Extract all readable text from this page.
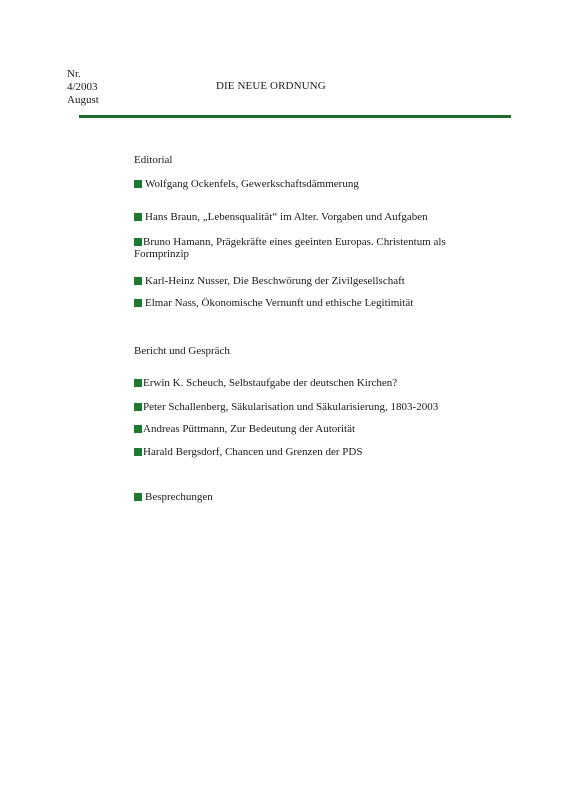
Nr.
4/2003
August
DIE NEUE ORDNUNG
Editorial
Wolfgang Ockenfels, Gewerkschaftsdämmerung
Hans Braun, „Lebensqualität“ im Alter. Vorgaben und Aufgaben
Bruno Hamann, Prägekräfte eines geeinten Europas. Christentum als Formprinzip
Karl-Heinz Nusser, Die Beschwörung der Zivilgesellschaft
Elmar Nass, Ökonomische Vernunft und ethische Legitimität
Bericht und Gespräch
Erwin K. Scheuch, Selbstaufgabe der deutschen Kirchen?
Peter Schallenberg, Säkularisation und Säkularisierung, 1803-2003
Andreas Püttmann, Zur Bedeutung der Autorität
Harald Bergsdorf, Chancen und Grenzen der PDS
Besprechungen
